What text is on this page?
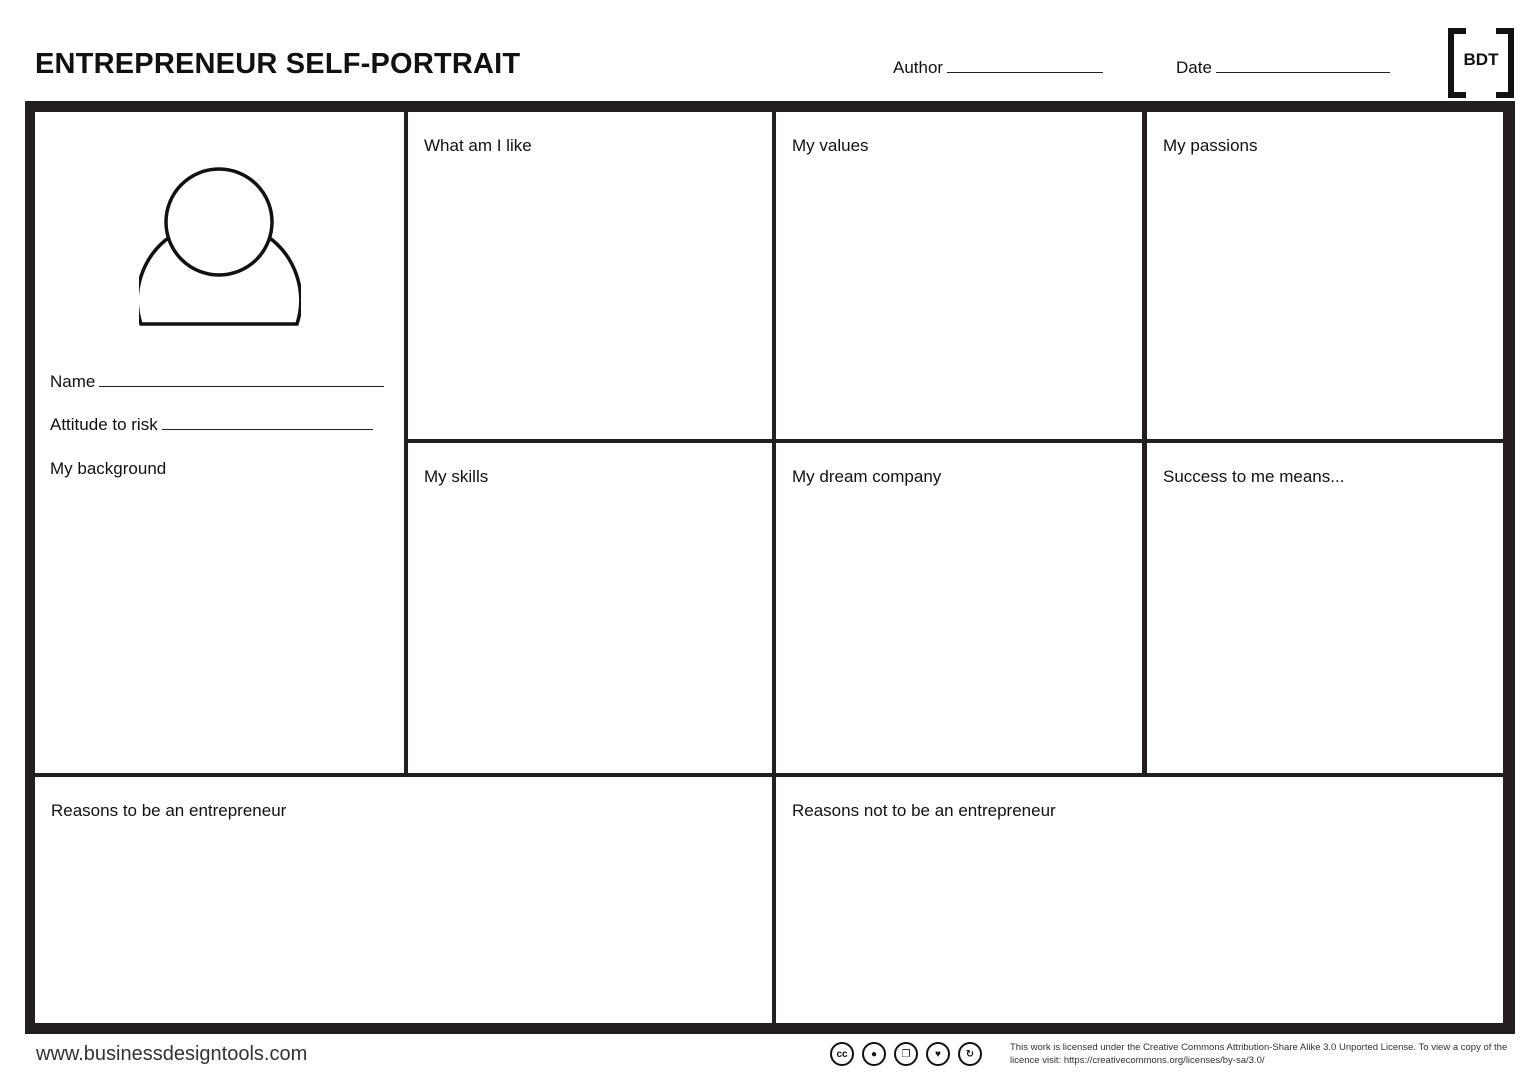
ENTREPRENEUR SELF-PORTRAIT	Author	Date	BDT
What am I like	My values	My passions
My skills	My dream company	Success to me means...
Reasons to be an entrepreneur	Reasons not to be an entrepreneur
Name
Attitude to risk
My background
www.businessdesigntools.com	cc	●	❐	♥	↻
This work is licensed under the Creative Commons Attribution-Share Alike 3.0 Unported License. To view a copy of the licence visit: https://creativecommons.org/licenses/by-sa/3.0/
